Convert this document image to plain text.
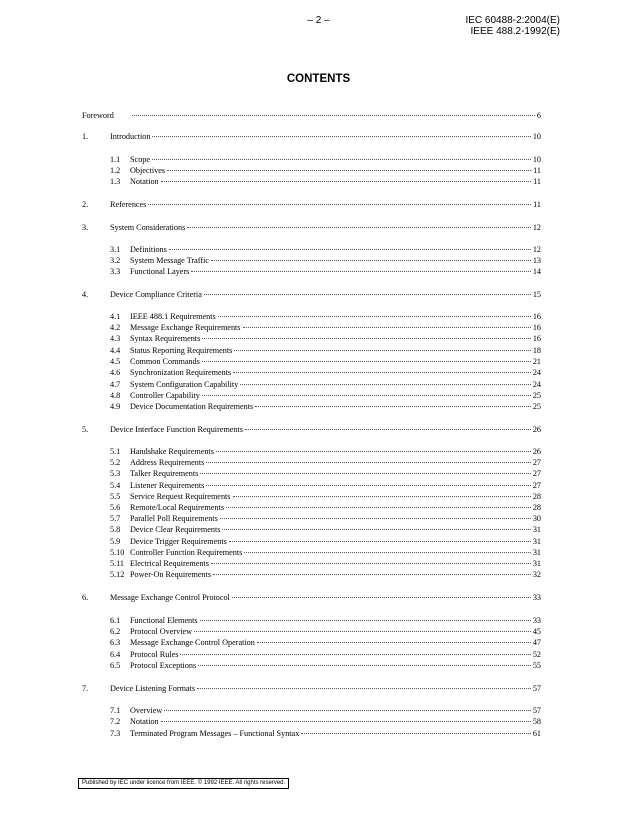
– 2 –	IEC 60488-2:2004(E)
IEEE 488.2-1992(E)
CONTENTS
Foreword	6
1.	Introduction	10
1.1	Scope	10
1.2	Objectives	11
1.3	Notation	11
2.	References	11
3.	System Considerations	12
3.1	Definitions	12
3.2	System Message Traffic	13
3.3	Functional Layers	14
4.	Device Compliance Criteria	15
4.1	IEEE 488.1 Requirements	16
4.2	Message Exchange Requirements	16
4.3	Syntax Requirements	16
4.4	Status Reporting Requirements	18
4.5	Common Commands	21
4.6	Synchronization Requirements	24
4.7	System Configuration Capability	24
4.8	Controller Capability	25
4.9	Device Documentation Requirements	25
5.	Device Interface Function Requirements	26
5.1	Handshake Requirements	26
5.2	Address Requirements	27
5.3	Talker Requirements	27
5.4	Listener Requirements	27
5.5	Service Request Requirements	28
5.6	Remote/Local Requirements	28
5.7	Parallel Poll Requirements	30
5.8	Device Clear Requirements	31
5.9	Device Trigger Requirements	31
5.10 Controller Function Requirements	31
5.11 Electrical Requirements	31
5.12 Power-On Requirements	32
6.	Message Exchange Control Protocol	33
6.1	Functional Elements	33
6.2	Protocol Overview	45
6.3	Message Exchange Control Operation	47
6.4	Protocol Rules	52
6.5	Protocol Exceptions	55
7.	Device Listening Formats	57
7.1	Overview	57
7.2	Notation	58
7.3	Terminated Program Messages – Functional Syntax	61
Published by IEC under licence from IEEE. © 1992 IEEE. All rights reserved.
